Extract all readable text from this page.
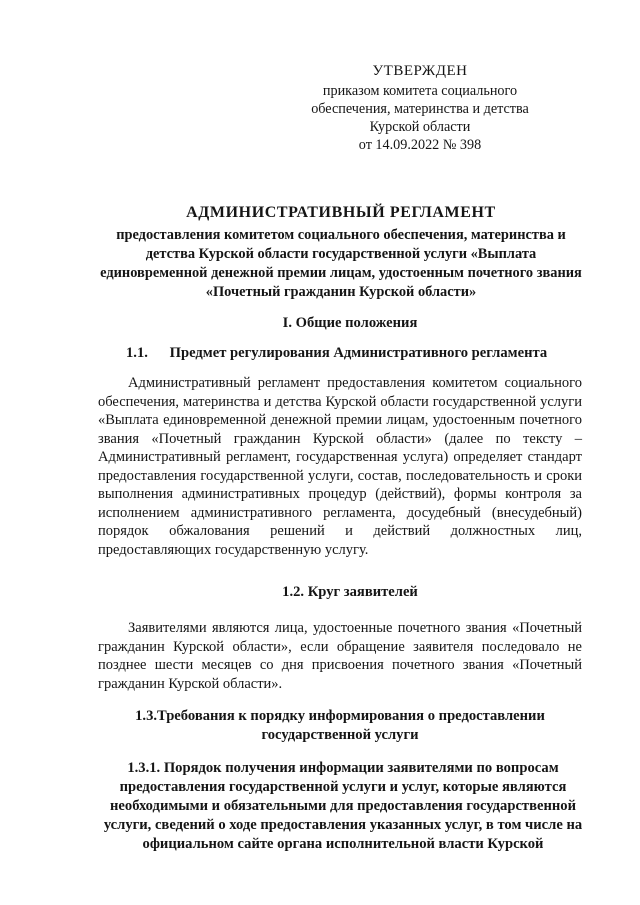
УТВЕРЖДЕН
приказом комитета социального
обеспечения, материнства и детства
Курской области
от 14.09.2022 № 398
АДМИНИСТРАТИВНЫЙ РЕГЛАМЕНТ
предоставления комитетом социального обеспечения, материнства и детства Курской области государственной услуги «Выплата единовременной денежной премии лицам, удостоенным почетного звания «Почетный гражданин Курской области»
I. Общие положения
1.1. Предмет регулирования Административного регламента
Административный регламент предоставления комитетом социального обеспечения, материнства и детства Курской области государственной услуги «Выплата единовременной денежной премии лицам, удостоенным почетного звания «Почетный гражданин Курской области» (далее по тексту – Административный регламент, государственная услуга) определяет стандарт предоставления государственной услуги, состав, последовательность и сроки выполнения административных процедур (действий), формы контроля за исполнением административного регламента, досудебный (внесудебный) порядок обжалования решений и действий должностных лиц, предоставляющих государственную услугу.
1.2. Круг заявителей
Заявителями являются лица, удостоенные почетного звания «Почетный гражданин Курской области», если обращение заявителя последовало не позднее шести месяцев со дня присвоения почетного звания «Почетный гражданин Курской области».
1.3.Требования к порядку информирования о предоставлении государственной услуги
1.3.1. Порядок получения информации заявителями по вопросам предоставления государственной услуги и услуг, которые являются необходимыми и обязательными для предоставления государственной услуги, сведений о ходе предоставления указанных услуг, в том числе на официальном сайте органа исполнительной власти Курской
